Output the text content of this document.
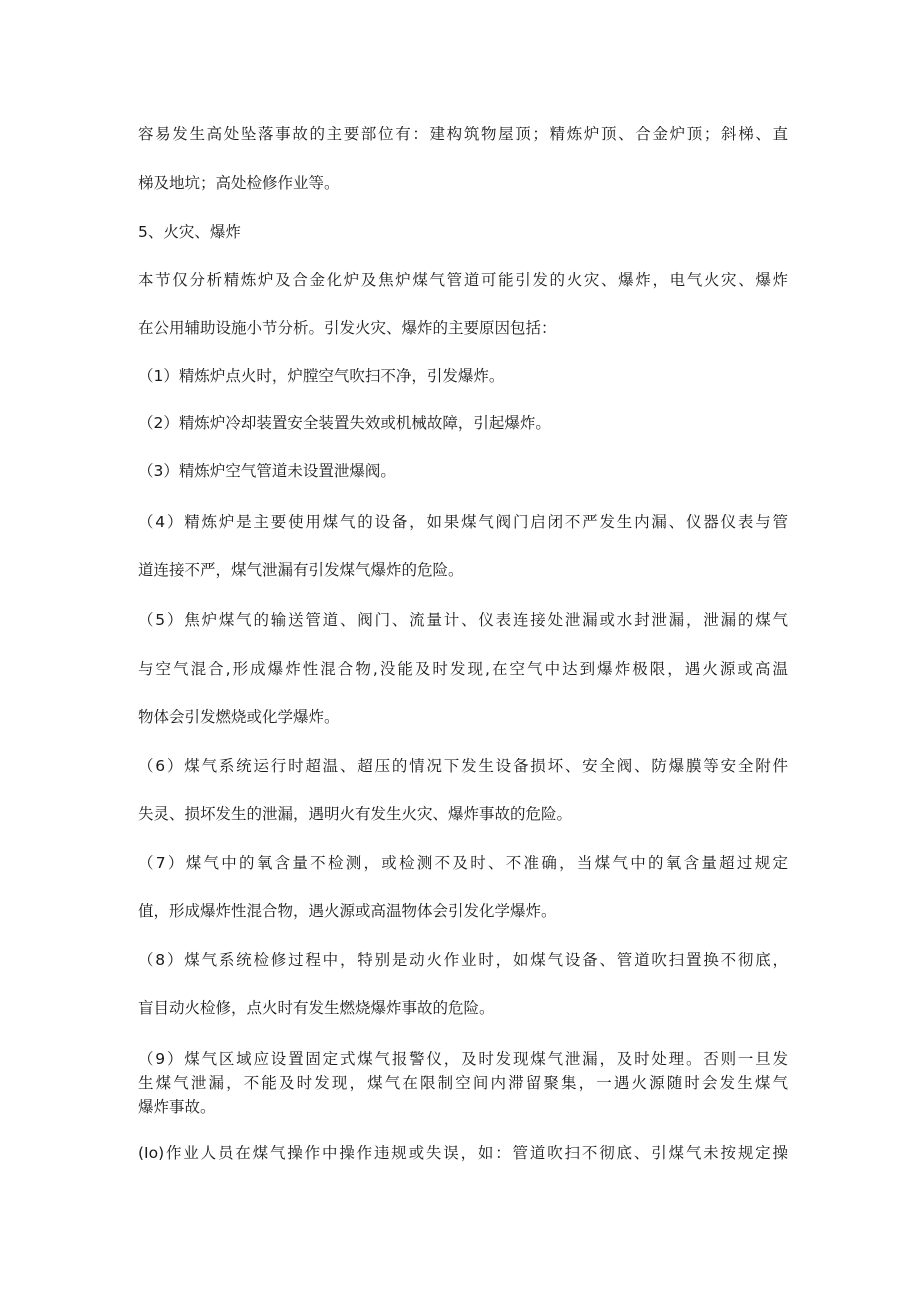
容易发生高处坠落事故的主要部位有：建构筑物屋顶；精炼炉顶、合金炉顶；斜梯、直
梯及地坑；高处检修作业等。
5、火灾、爆炸
本节仅分析精炼炉及合金化炉及焦炉煤气管道可能引发的火灾、爆炸，电气火灾、爆炸
在公用辅助设施小节分析。引发火灾、爆炸的主要原因包括：
（1）精炼炉点火时，炉膛空气吹扫不净，引发爆炸。
（2）精炼炉冷却装置安全装置失效或机械故障，引起爆炸。
（3）精炼炉空气管道未设置泄爆阀。
（4）精炼炉是主要使用煤气的设备，如果煤气阀门启闭不严发生内漏、仪器仪表与管
道连接不严，煤气泄漏有引发煤气爆炸的危险。
（5）焦炉煤气的输送管道、阀门、流量计、仪表连接处泄漏或水封泄漏，泄漏的煤气
与空气混合,形成爆炸性混合物,没能及时发现,在空气中达到爆炸极限，遇火源或高温
物体会引发燃烧或化学爆炸。
（6）煤气系统运行时超温、超压的情况下发生设备损坏、安全阀、防爆膜等安全附件
失灵、损坏发生的泄漏，遇明火有发生火灾、爆炸事故的危险。
（7）煤气中的氧含量不检测，或检测不及时、不准确，当煤气中的氧含量超过规定
值，形成爆炸性混合物，遇火源或高温物体会引发化学爆炸。
（8）煤气系统检修过程中，特别是动火作业时，如煤气设备、管道吹扫置换不彻底，
盲目动火检修，点火时有发生燃烧爆炸事故的危险。
（9）煤气区域应设置固定式煤气报警仪，及时发现煤气泄漏，及时处理。否则一旦发
生煤气泄漏，不能及时发现，煤气在限制空间内滞留聚集，一遇火源随时会发生煤气
爆炸事故。
(Io)作业人员在煤气操作中操作违规或失误，如：管道吹扫不彻底、引煤气未按规定操
